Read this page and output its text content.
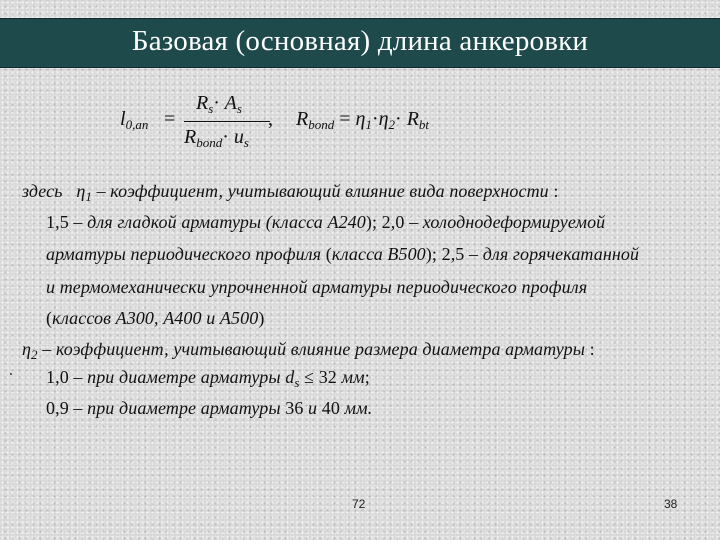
Базовая (основная) длина анкеровки
$l_{0,an}$ =
$R_s\cdot A_s$
$R_{bond}\cdot u_s$
, $R_{bond} = \eta_1\cdot\eta_2\cdot R_{bt}$
здесь $\eta_1$ – коэффициент, учитывающий влияние вида поверхности :
1,5 – для гладкой арматуры (класса А240); 2,0 – холоднодеформируемой
арматуры периодического профиля (класса В500); 2,5 – для горячекатанной
и термомеханически упрочненной арматуры периодического профиля
(классов А300, А400 и А500)
$\eta_2$ – коэффициент, учитывающий влияние размера диаметра арматуры :
1,0 – при диаметре арматуры $d_s \le 32$ мм;
0,9 – при диаметре арматуры 36 и 40 мм.
72	38
